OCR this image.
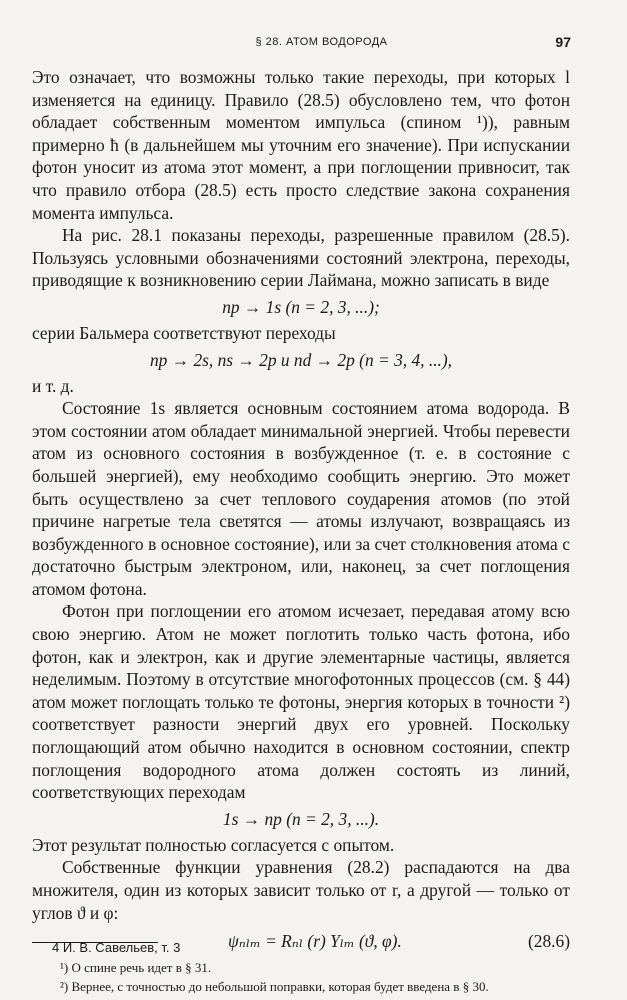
§ 28. АТОМ ВОДОРОДА	97

Это означает, что возможны только такие переходы, при которых l изменяется на единицу. Правило (28.5) обусловлено тем, что фотон обладает собственным моментом импульса (спином ¹)), равным примерно ħ (в дальнейшем мы уточним его значение). При испускании фотон уносит из атома этот момент, а при поглощении привносит, так что правило отбора (28.5) есть просто следствие закона сохранения момента импульса.

На рис. 28.1 показаны переходы, разрешенные правилом (28.5). Пользуясь условными обозначениями состояний электрона, переходы, приводящие к возникновению серии Лаймана, можно записать в виде

np → 1s (n = 2, 3, ...);

серии Бальмера соответствуют переходы

np → 2s, ns → 2p и nd → 2p (n = 3, 4, ...),

и т. д.

Состояние 1s является основным состоянием атома водорода. В этом состоянии атом обладает минимальной энергией. Чтобы перевести атом из основного состояния в возбужденное (т. е. в состояние с большей энергией), ему необходимо сообщить энергию. Это может быть осуществлено за счет теплового соударения атомов (по этой причине нагретые тела светятся — атомы излучают, возвращаясь из возбужденного в основное состояние), или за счет столкновения атома с достаточно быстрым электроном, или, наконец, за счет поглощения атомом фотона.

Фотон при поглощении его атомом исчезает, передавая атому всю свою энергию. Атом не может поглотить только часть фотона, ибо фотон, как и электрон, как и другие элементарные частицы, является неделимым. Поэтому в отсутствие многофотонных процессов (см. § 44) атом может поглощать только те фотоны, энергия которых в точности ²) соответствует разности энергий двух его уровней. Поскольку поглощающий атом обычно находится в основном состоянии, спектр поглощения водородного атома должен состоять из линий, соответствующих переходам

1s → np (n = 2, 3, ...).

Этот результат полностью согласуется с опытом.

Собственные функции уравнения (28.2) распадаются на два множителя, один из которых зависит только от r, а другой — только от углов ϑ и φ:

ψₙₗₘ = Rₙₗ (r) Yₗₘ (ϑ, φ).	(28.6)

¹) О спине речь идет в § 31.

²) Вернее, с точностью до небольшой поправки, которая будет введена в § 30.

4 И. В. Савельев, т. 3
